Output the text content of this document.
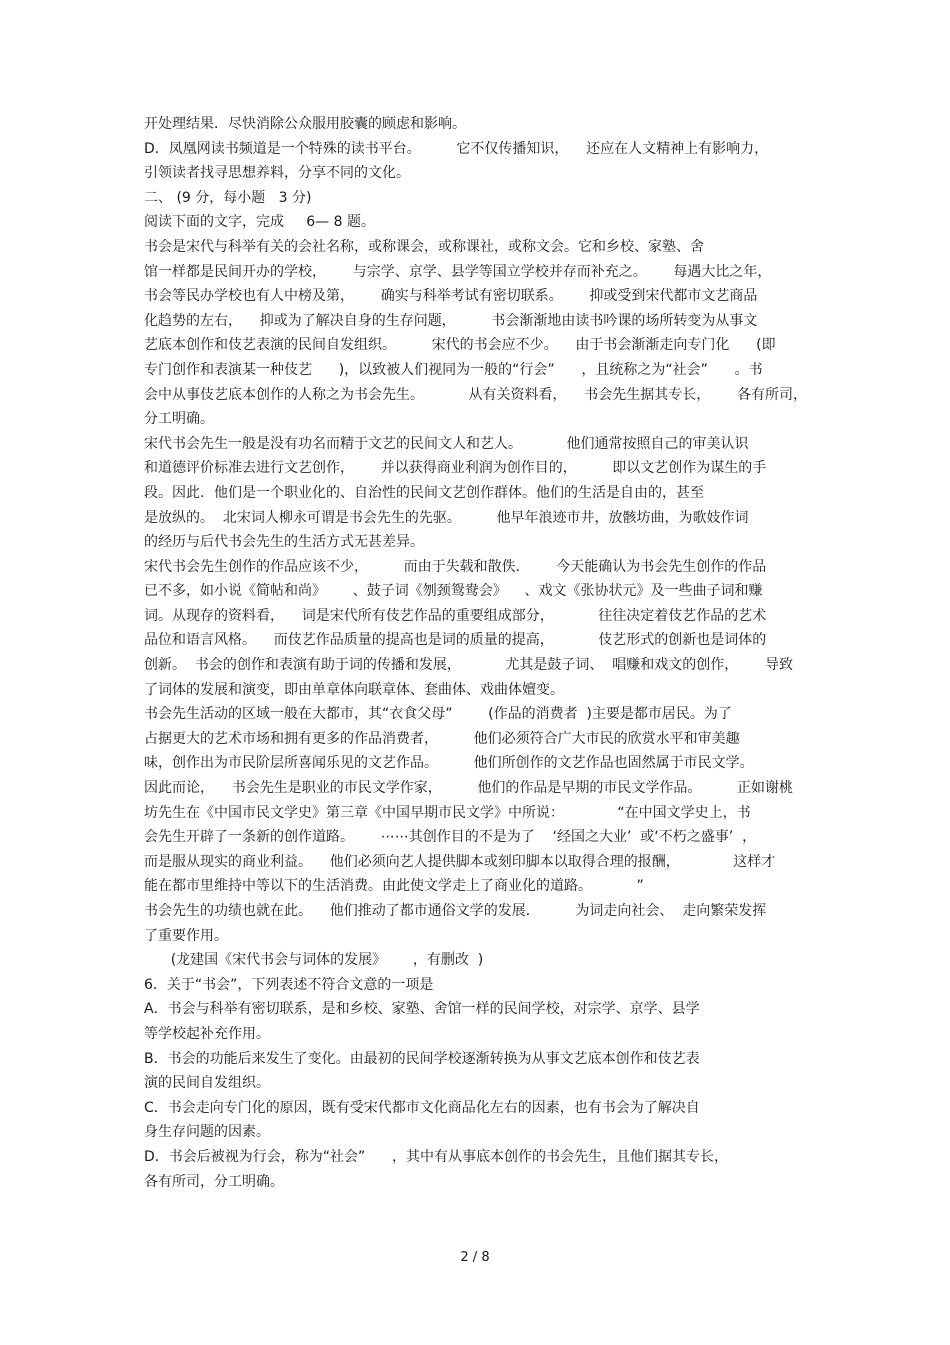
开处理结果．尽快消除公众服用胶囊的顾虑和影响。

D．凤凰网读书频道是一个特殊的读书平台。        它不仅传播知识，    还应在人文精神上有影响力，

引领读者找寻思想养料，分享不同的文化。

二、 (9 分，每小题   3 分)

阅读下面的文字，完成     6— 8 题。

书会是宋代与科举有关的会社名称，或称课会，或称课社，或称文会。它和乡校、家塾、舍

馆一样都是民间开办的学校，      与宗学、京学、县学等国立学校并存而补充之。      每遇大比之年，

书会等民办学校也有人中榜及第，      确实与科举考试有密切联系。      抑或受到宋代都市文艺商品

化趋势的左右，    抑或为了解决自身的生存问题，        书会渐渐地由读书吟课的场所转变为从事文

艺底本创作和伎艺表演的民间自发组织。        宋代的书会应不少。    由于书会渐渐走向专门化      (即

专门创作和表演某一种伎艺      )，以致被人们视同为一般的“行会”      ，且统称之为“社会”      。书

会中从事伎艺底本创作的人称之为书会先生。          从有关资料看，    书会先生据其专长，      各有所司，

分工明确。

宋代书会先生一般是没有功名而精于文艺的民间文人和艺人。          他们通常按照自己的审美认识

和道德评价标准去进行文艺创作，      并以获得商业利润为创作目的，        即以文艺创作为谋生的手

段。因此．他们是一个职业化的、自治性的民间文艺创作群体。他们的生活是自由的，甚至

是放纵的。  北宋词人柳永可谓是书会先生的先驱。        他早年浪迹市井，放骸坊曲，为歌妓作词

的经历与后代书会先生的生活方式无甚差异。

宋代书会先生创作的作品应该不少，        而由于失载和散佚．      今天能确认为书会先生创作的作品

已不多，如小说《简帖和尚》      、鼓子词《刎颈鸳鸯会》    、戏文《张协状元》及一些曲子词和赚

词。从现存的资料看，    词是宋代所有伎艺作品的重要组成部分，          往往决定着伎艺作品的艺术

品位和语言风格。    而伎艺作品质量的提高也是词的质量的提高，          伎艺形式的创新也是词体的

创新。  书会的创作和表演有助于词的传播和发展，          尤其是鼓子词、  唱赚和戏文的创作，      导致

了词体的发展和演变，即由单章体向联章体、套曲体、戏曲体嬗变。

书会先生活动的区域一般在大都市，其“衣食父母”        (作品的消费者  )主要是都市居民。为了

占据更大的艺术市场和拥有更多的作品消费者，        他们必须符合广大市民的欣赏水平和审美趣

味，创作出为市民阶层所喜闻乐见的文艺作品。        他们所创作的文艺作品也固然属于市民文学。

因此而论，    书会先生是职业的市民文学作家，        他们的作品是早期的市民文学作品。        正如谢桃

坊先生在《中国市民文学史》第三章《中国早期市民文学》中所说：            “在中国文学史上，书

会先生开辟了一条新的创作道路。      ⋯⋯其创作目的不是为了    ‘经国之大业’  或‘不朽之盛事’  ，

而是服从现实的商业利益。    他们必须向艺人提供脚本或刻印脚本以取得合理的报酬，            这样才

能在都市里维持中等以下的生活消费。由此使文学走上了商业化的道路。          ”

书会先生的功绩也就在此。    他们推动了都市通俗文学的发展．        为词走向社会、  走向繁荣发挥

了重要作用。

(龙建国《宋代书会与词体的发展》      ，有删改  )

6．关于“书会”，下列表述不符合文意的一项是

A．书会与科举有密切联系，是和乡校、家塾、舍馆一样的民间学校，对宗学、京学、县学

等学校起补充作用。

B．书会的功能后来发生了变化。由最初的民间学校逐渐转换为从事文艺底本创作和伎艺表

演的民间自发组织。

C．书会走向专门化的原因，既有受宋代都市文化商品化左右的因素，也有书会为了解决自

身生存问题的因素。

D．书会后被视为行会，称为“社会”      ，其中有从事底本创作的书会先生，且他们据其专长，

各有所司，分工明确。

2 / 8
